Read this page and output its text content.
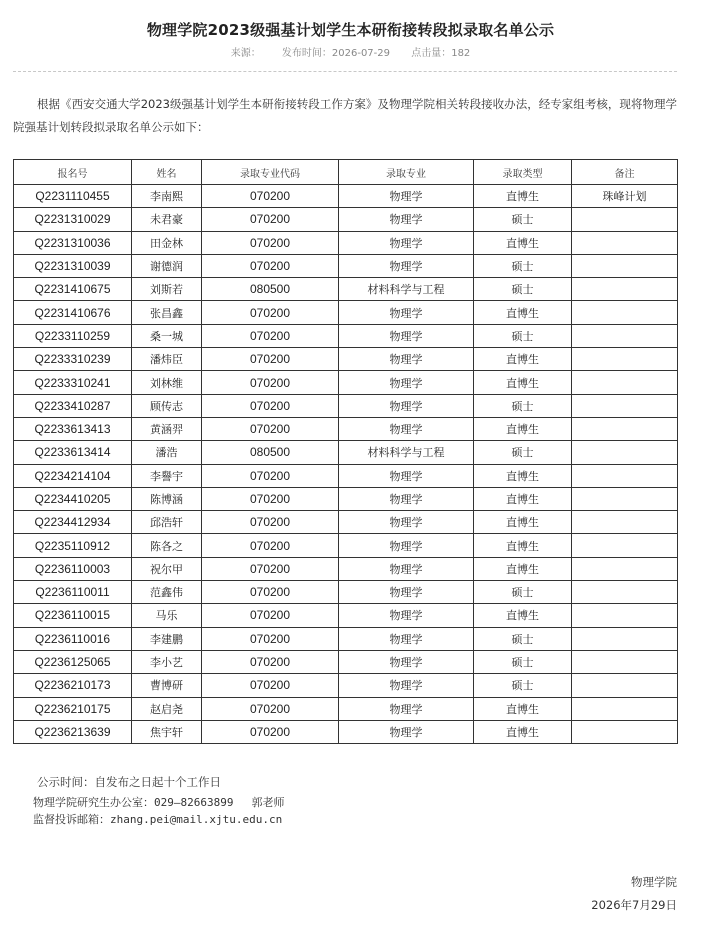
物理学院2023级强基计划学生本研衔接转段拟录取名单公示
来源： 发布时间：2026-07-29 点击量：182
根据《西安交通大学2023级强基计划学生本研衔接转段工作方案》及物理学院相关转段接收办法，经专家组考核，现将物理学院强基计划转段拟录取名单公示如下：
报名号	姓名	录取专业代码	录取专业	录取类型	备注
Q2231110455	李南熙	070200	物理学	直博生	珠峰计划
Q2231310029	未君豪	070200	物理学	硕士	
Q2231310036	田金林	070200	物理学	直博生	
Q2231310039	谢德润	070200	物理学	硕士	
Q2231410675	刘斯若	080500	材料科学与工程	硕士	
Q2231410676	张昌鑫	070200	物理学	直博生	
Q2233110259	桑一城	070200	物理学	硕士	
Q2233310239	潘炜臣	070200	物理学	直博生	
Q2233310241	刘林维	070200	物理学	直博生	
Q2233410287	顾传志	070200	物理学	硕士	
Q2233613413	黄涵羿	070200	物理学	直博生	
Q2233613414	潘浩	080500	材料科学与工程	硕士	
Q2234214104	李譽宇	070200	物理学	直博生	
Q2234410205	陈博涵	070200	物理学	直博生	
Q2234412934	邱浩轩	070200	物理学	直博生	
Q2235110912	陈各之	070200	物理学	直博生	
Q2236110003	祝尔甲	070200	物理学	直博生	
Q2236110011	范鑫伟	070200	物理学	硕士	
Q2236110015	马乐	070200	物理学	直博生	
Q2236110016	李建鹏	070200	物理学	硕士	
Q2236125065	李小艺	070200	物理学	硕士	
Q2236210173	曹博研	070200	物理学	硕士	
Q2236210175	赵启尧	070200	物理学	直博生	
Q2236213639	焦宇轩	070200	物理学	直博生	
公示时间：自发布之日起十个工作日
物理学院研究生办公室：029—82663899 郭老师
监督投诉邮箱：zhang.pei@mail.xjtu.edu.cn
物理学院
2026年7月29日
